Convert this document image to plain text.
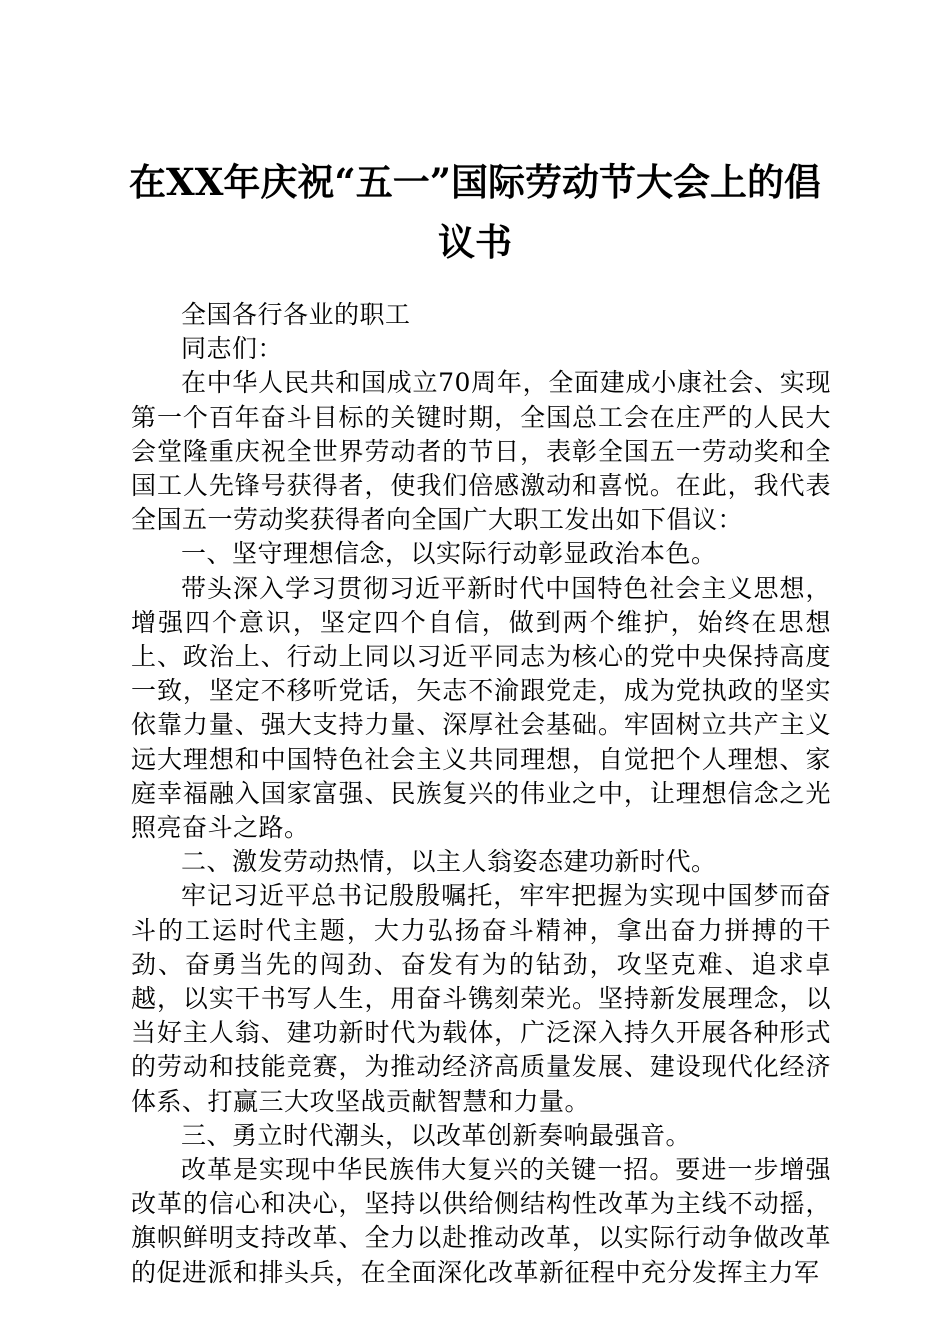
在XX年庆祝“五一”国际劳动节大会上的倡
议书

全国各行各业的职工

同志们：

在中华人民共和国成立70周年，全面建成小康社会、实现第一个百年奋斗目标的关键时期，全国总工会在庄严的人民大会堂隆重庆祝全世界劳动者的节日，表彰全国五一劳动奖和全国工人先锋号获得者，使我们倍感激动和喜悦。在此，我代表全国五一劳动奖获得者向全国广大职工发出如下倡议：

一、坚守理想信念，以实际行动彰显政治本色。

带头深入学习贯彻习近平新时代中国特色社会主义思想，增强四个意识，坚定四个自信，做到两个维护，始终在思想上、政治上、行动上同以习近平同志为核心的党中央保持高度一致，坚定不移听党话，矢志不渝跟党走，成为党执政的坚实依靠力量、强大支持力量、深厚社会基础。牢固树立共产主义远大理想和中国特色社会主义共同理想，自觉把个人理想、家庭幸福融入国家富强、民族复兴的伟业之中，让理想信念之光照亮奋斗之路。

二、激发劳动热情，以主人翁姿态建功新时代。

牢记习近平总书记殷殷嘱托，牢牢把握为实现中国梦而奋斗的工运时代主题，大力弘扬奋斗精神，拿出奋力拼搏的干劲、奋勇当先的闯劲、奋发有为的钻劲，攻坚克难、追求卓越，以实干书写人生，用奋斗镌刻荣光。坚持新发展理念，以当好主人翁、建功新时代为载体，广泛深入持久开展各种形式的劳动和技能竞赛，为推动经济高质量发展、建设现代化经济体系、打赢三大攻坚战贡献智慧和力量。

三、勇立时代潮头，以改革创新奏响最强音。

改革是实现中华民族伟大复兴的关键一招。要进一步增强改革的信心和决心，坚持以供给侧结构性改革为主线不动摇，旗帜鲜明支持改革、全力以赴推动改革，以实际行动争做改革的促进派和排头兵，在全面深化改革新征程中充分发挥主力军
